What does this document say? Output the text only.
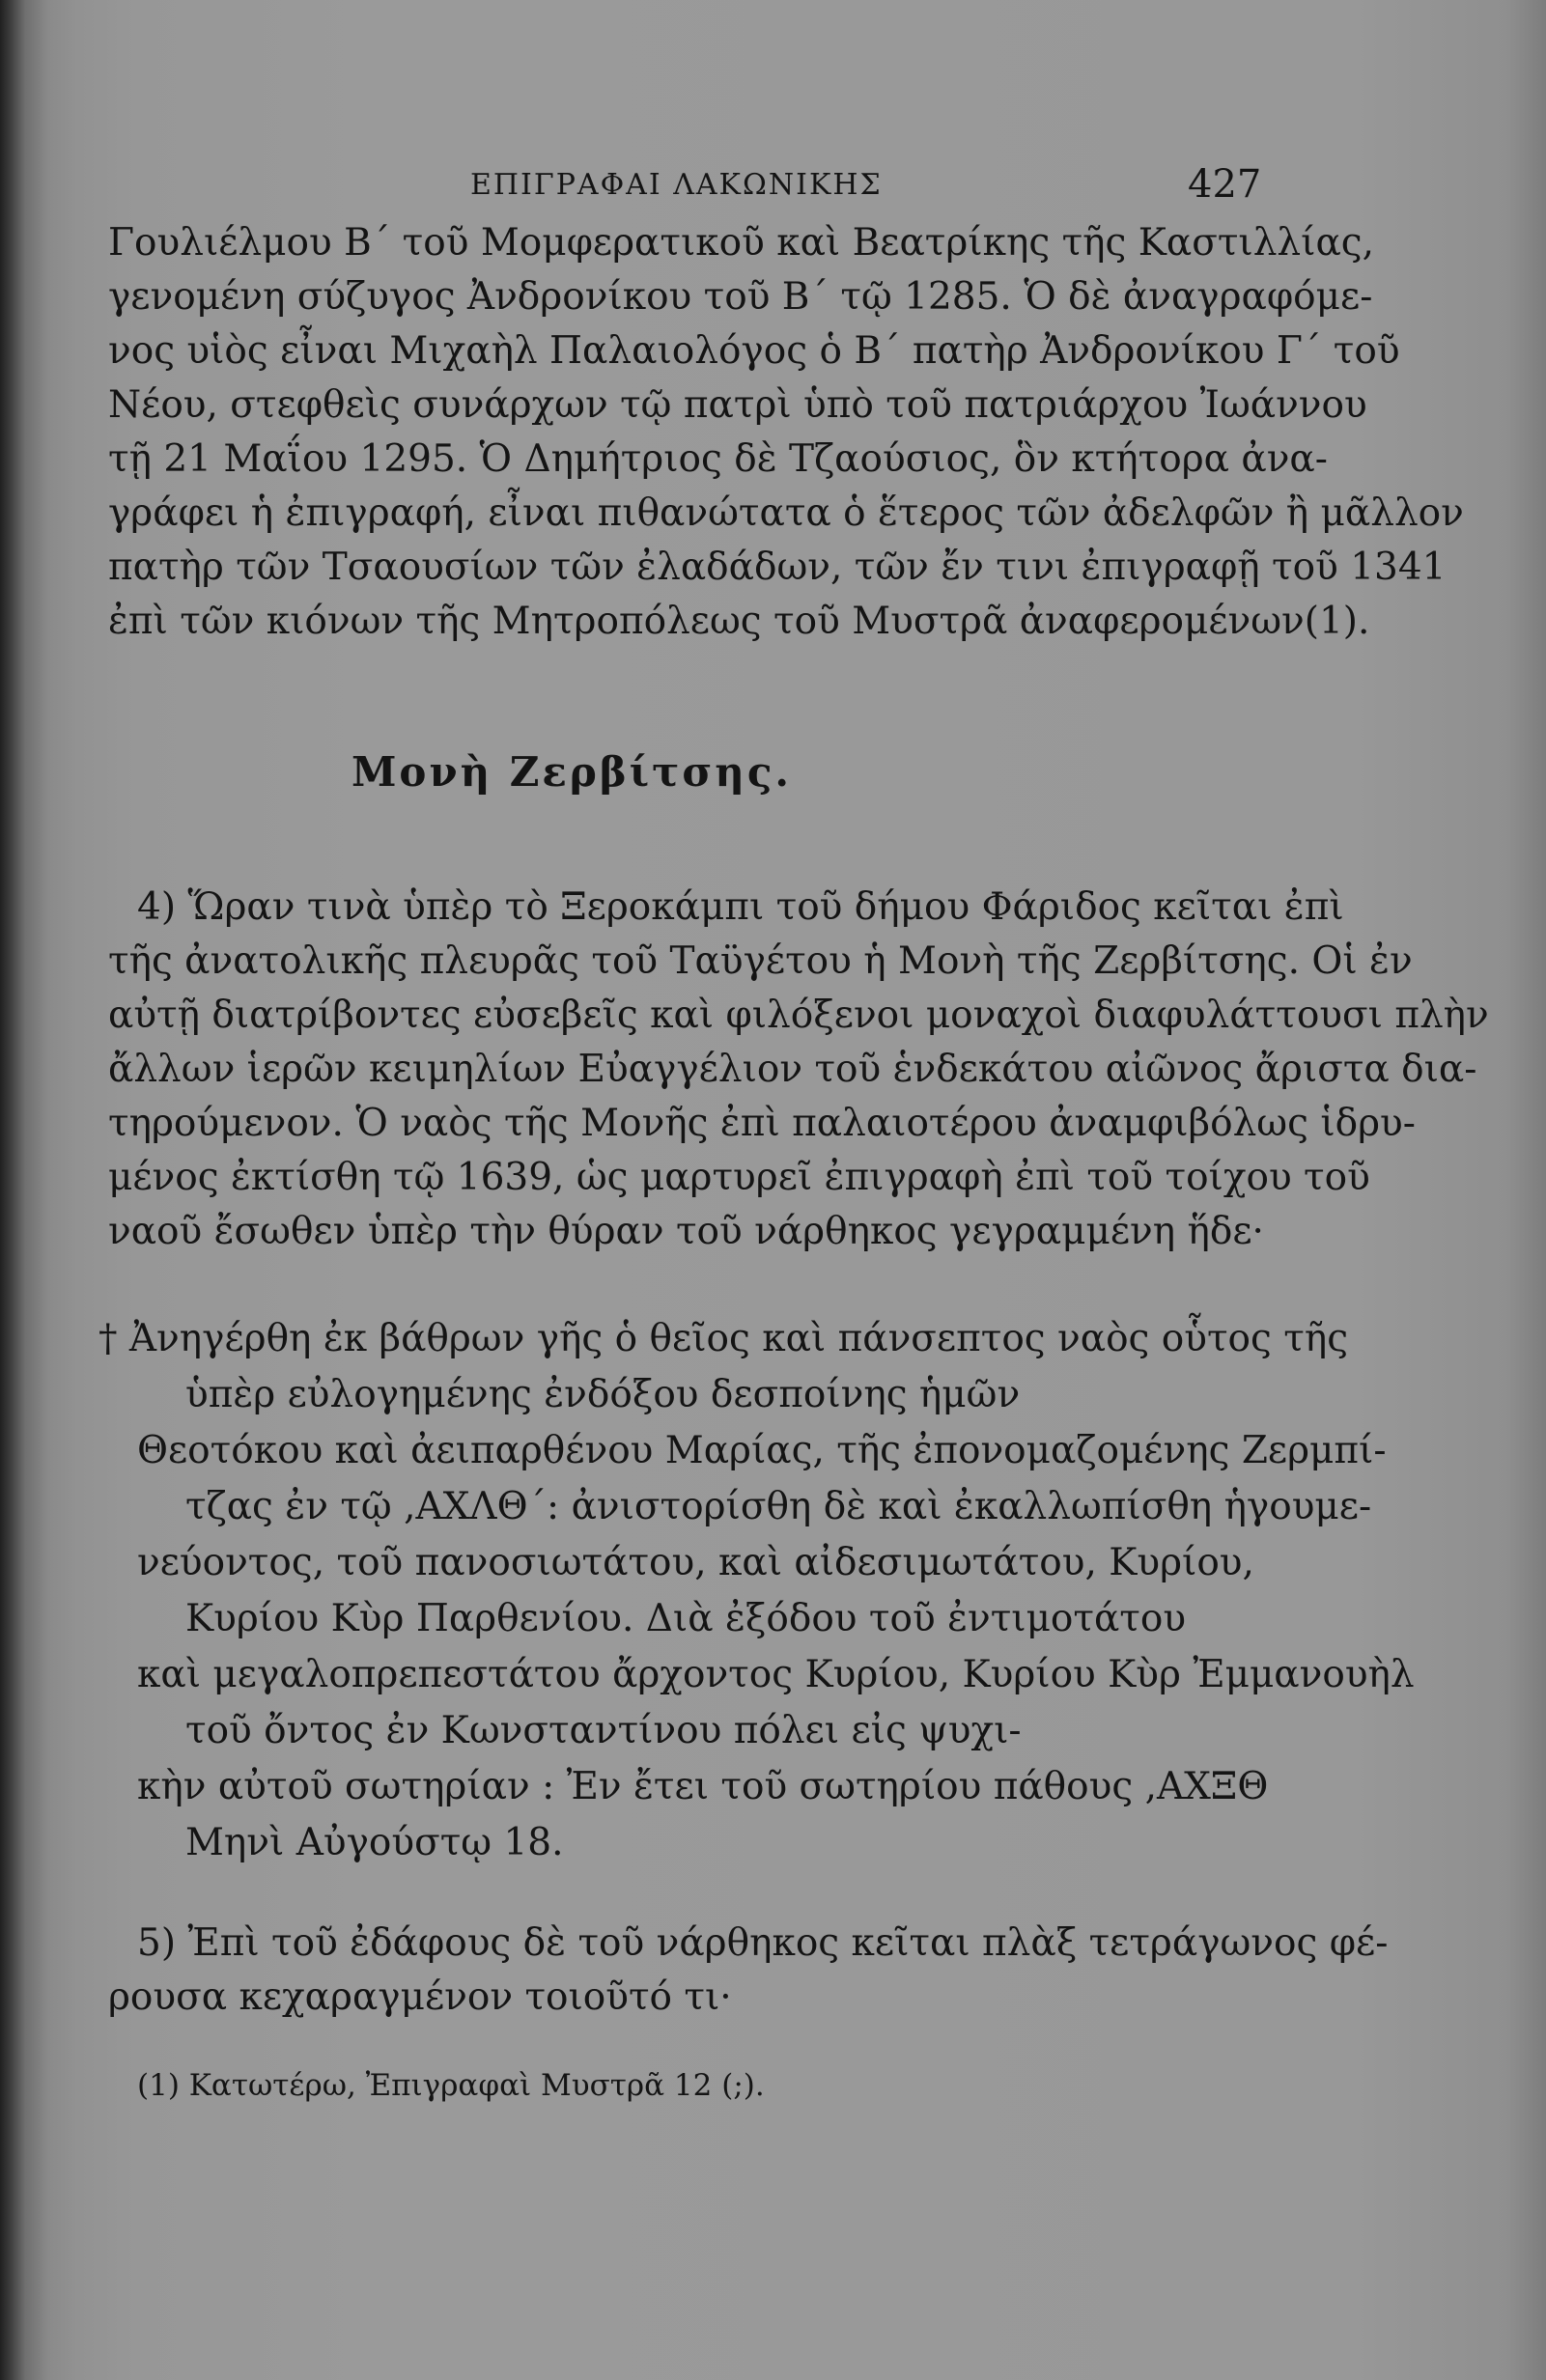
ΕΠΙΓΡΑΦΑΙ ΛΑΚΩΝΙΚΗΣ	427
Γουλιέλμου Β΄ τοῦ Μομφερατικοῦ καὶ Βεατρίκης τῆς Καστιλλίας,
γενομένη σύζυγος Ἀνδρονίκου τοῦ Β΄ τῷ 1285. Ὁ δὲ ἀναγραφόμε-
νος υἱὸς εἶναι Μιχαὴλ Παλαιολόγος ὁ Β΄ πατὴρ Ἀνδρονίκου Γ΄ τοῦ
Νέου, στεφθεὶς συνάρχων τῷ πατρὶ ὑπὸ τοῦ πατριάρχου Ἰωάννου
τῇ 21 Μαΐου 1295. Ὁ Δημήτριος δὲ Τζαούσιος, ὃν κτήτορα ἀνα-
γράφει ἡ ἐπιγραφή, εἶναι πιθανώτατα ὁ ἕτερος τῶν ἀδελφῶν ἢ μᾶλλον
πατὴρ τῶν Τσαουσίων τῶν ἐλαδάδων, τῶν ἔν τινι ἐπιγραφῇ τοῦ 1341
ἐπὶ τῶν κιόνων τῆς Μητροπόλεως τοῦ Μυστρᾶ ἀναφερομένων(1).
Μονὴ Ζερβίτσης.
4) Ὥραν τινὰ ὑπὲρ τὸ Ξεροκάμπι τοῦ δήμου Φάριδος κεῖται ἐπὶ
τῆς ἀνατολικῆς πλευρᾶς τοῦ Ταϋγέτου ἡ Μονὴ τῆς Ζερβίτσης. Οἱ ἐν
αὐτῇ διατρίβοντες εὐσεβεῖς καὶ φιλόξενοι μοναχοὶ διαφυλάττουσι πλὴν
ἄλλων ἱερῶν κειμηλίων Εὐαγγέλιον τοῦ ἑνδεκάτου αἰῶνος ἄριστα δια-
τηρούμενον. Ὁ ναὸς τῆς Μονῆς ἐπὶ παλαιοτέρου ἀναμφιβόλως ἱδρυ-
μένος ἐκτίσθη τῷ 1639, ὡς μαρτυρεῖ ἐπιγραφὴ ἐπὶ τοῦ τοίχου τοῦ
ναοῦ ἔσωθεν ὑπὲρ τὴν θύραν τοῦ νάρθηκος γεγραμμένη ἥδε·
† Ἀνηγέρθη ἐκ βάθρων γῆς ὁ θεῖος καὶ πάνσεπτος ναὸς οὗτος τῆς
ὑπὲρ εὐλογημένης ἐνδόξου δεσποίνης ἡμῶν
Θεοτόκου καὶ ἀειπαρθένου Μαρίας, τῆς ἐπονομαζομένης Ζερμπί-
τζας ἐν τῷ ,ΑΧΛΘ΄: ἀνιστορίσθη δὲ καὶ ἐκαλλωπίσθη ἡγουμε-
νεύοντος, τοῦ πανοσιωτάτου, καὶ αἰδεσιμωτάτου, Κυρίου,
Κυρίου Κὺρ Παρθενίου. Διὰ ἐξόδου τοῦ ἐντιμοτάτου
καὶ μεγαλοπρεπεστάτου ἄρχοντος Κυρίου, Κυρίου Κὺρ Ἐμμανουὴλ
τοῦ ὄντος ἐν Κωνσταντίνου πόλει εἰς ψυχι-
κὴν αὐτοῦ σωτηρίαν : Ἐν ἔτει τοῦ σωτηρίου πάθους ,ΑΧΞΘ
Μηνὶ Αὐγούστῳ 18.
5) Ἐπὶ τοῦ ἐδάφους δὲ τοῦ νάρθηκος κεῖται πλὰξ τετράγωνος φέ-
ρουσα κεχαραγμένον τοιοῦτό τι·
(1) Κατωτέρω, Ἐπιγραφαὶ Μυστρᾶ 12 (;).
